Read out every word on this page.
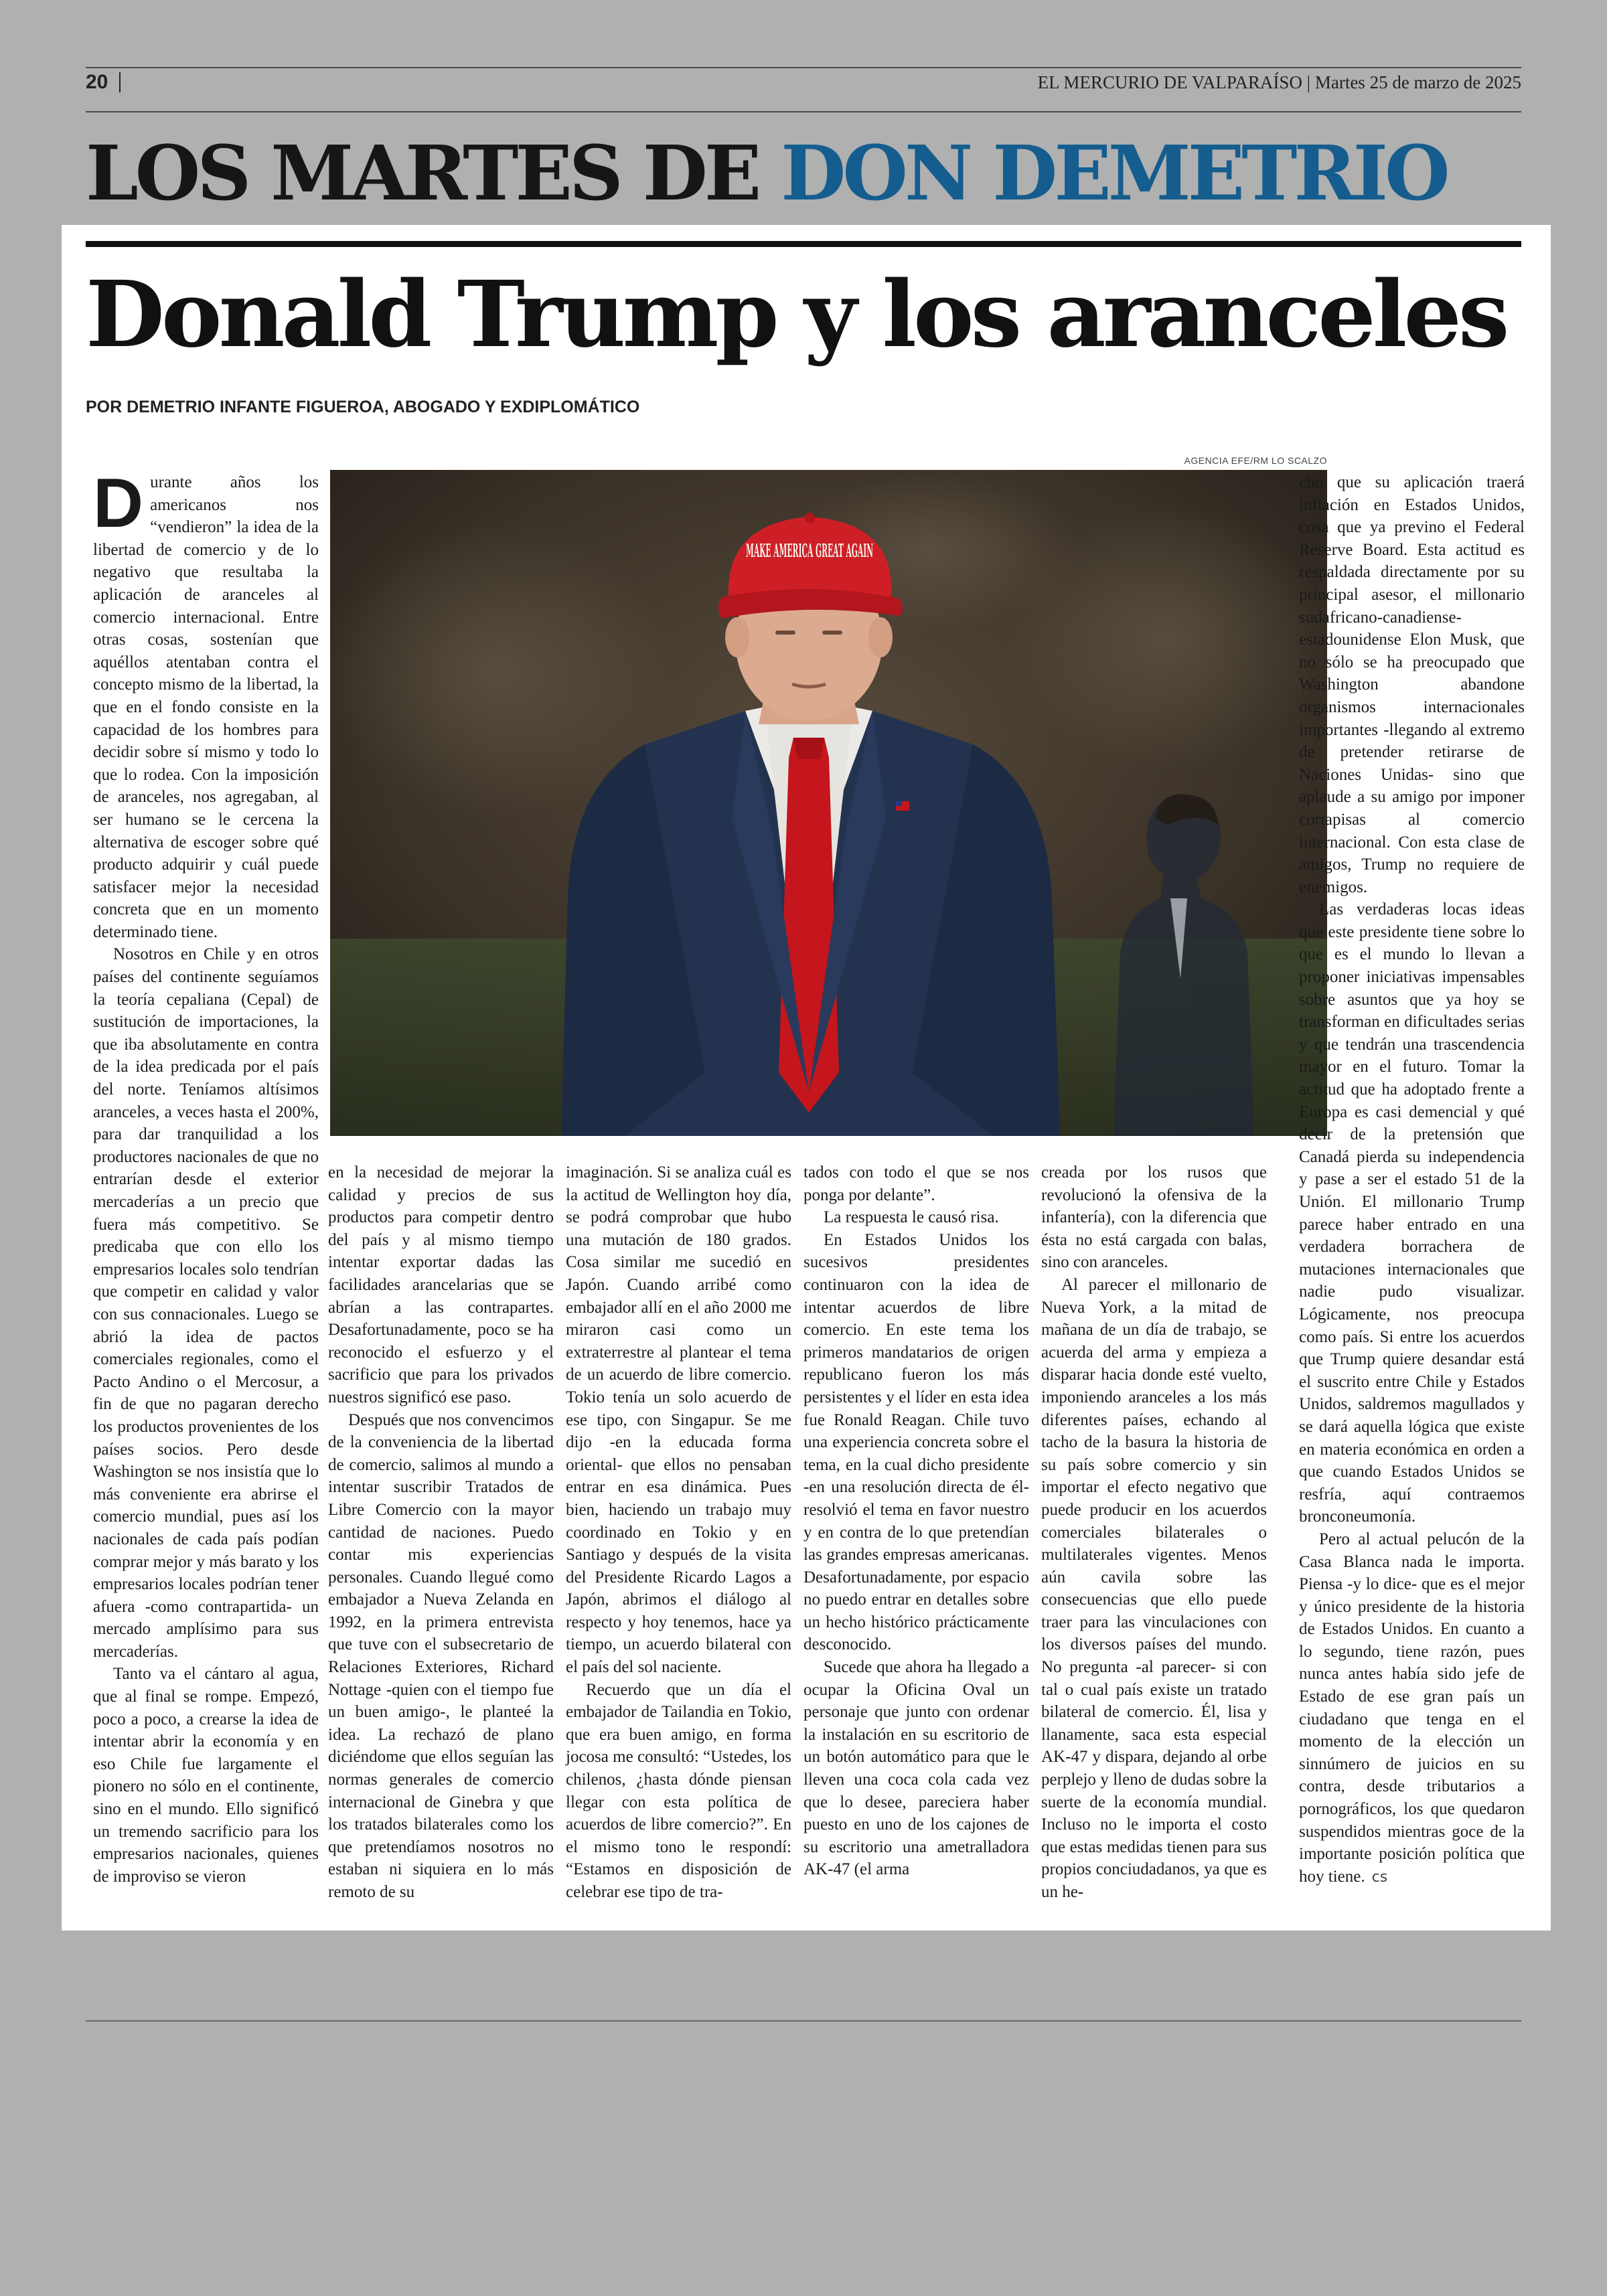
20	EL MERCURIO DE VALPARAÍSO | Martes 25 de marzo de 2025
LOS MARTES DE DON DEMETRIO
Donald Trump y los aranceles
POR DEMETRIO INFANTE FIGUEROA, ABOGADO Y EXDIPLOMÁTICO
AGENCIA EFE/RM LO SCALZO
MAKE AMERICA GREAT AGAIN

Durante años los americanos nos “vendieron” la idea de la libertad de comercio y de lo negativo que resultaba la aplicación de aranceles al comercio internacional. Entre otras cosas, sostenían que aquéllos atentaban contra el concepto mismo de la libertad, la que en el fondo consiste en la capacidad de los hombres para decidir sobre sí mismo y todo lo que lo rodea. Con la imposición de aranceles, nos agregaban, al ser humano se le cercena la alternativa de escoger sobre qué producto adquirir y cuál puede satisfacer mejor la necesidad concreta que en un momento determinado tiene.

Nosotros en Chile y en otros países del continente seguíamos la teoría cepaliana (Cepal) de sustitución de importaciones, la que iba absolutamente en contra de la idea predicada por el país del norte. Teníamos altísimos aranceles, a veces hasta el 200%, para dar tranquilidad a los productores nacionales de que no entrarían desde el exterior mercaderías a un precio que fuera más competitivo. Se predicaba que con ello los empresarios locales solo tendrían que competir en calidad y valor con sus connacionales. Luego se abrió la idea de pactos comerciales regionales, como el Pacto Andino o el Mercosur, a fin de que no pagaran derecho los productos provenientes de los países socios. Pero desde Washington se nos insistía que lo más conveniente era abrirse el comercio mundial, pues así los nacionales de cada país podían comprar mejor y más barato y los empresarios locales podrían tener afuera -como contrapartida- un mercado amplísimo para sus mercaderías.

Tanto va el cántaro al agua, que al final se rompe. Empezó, poco a poco, a crearse la idea de intentar abrir la economía y en eso Chile fue largamente el pionero no sólo en el continente, sino en el mundo. Ello significó un tremendo sacrificio para los empresarios nacionales, quienes de improviso se vieron

en la necesidad de mejorar la calidad y precios de sus productos para competir dentro del país y al mismo tiempo intentar exportar dadas las facilidades arancelarias que se abrían a las contrapartes. Desafortunadamente, poco se ha reconocido el esfuerzo y el sacrificio que para los privados nuestros significó ese paso.

Después que nos convencimos de la conveniencia de la libertad de comercio, salimos al mundo a intentar suscribir Tratados de Libre Comercio con la mayor cantidad de naciones. Puedo contar mis experiencias personales. Cuando llegué como embajador a Nueva Zelanda en 1992, en la primera entrevista que tuve con el subsecretario de Relaciones Exteriores, Richard Nottage -quien con el tiempo fue un buen amigo-, le planteé la idea. La rechazó de plano diciéndome que ellos seguían las normas generales de comercio internacional de Ginebra y que los tratados bilaterales como los que pretendíamos nosotros no estaban ni siquiera en lo más remoto de su

imaginación. Si se analiza cuál es la actitud de Wellington hoy día, se podrá comprobar que hubo una mutación de 180 grados. Cosa similar me sucedió en Japón. Cuando arribé como embajador allí en el año 2000 me miraron casi como un extraterrestre al plantear el tema de un acuerdo de libre comercio. Tokio tenía un solo acuerdo de ese tipo, con Singapur. Se me dijo -en la educada forma oriental- que ellos no pensaban entrar en esa dinámica. Pues bien, haciendo un trabajo muy coordinado en Tokio y en Santiago y después de la visita del Presidente Ricardo Lagos a Japón, abrimos el diálogo al respecto y hoy tenemos, hace ya tiempo, un acuerdo bilateral con el país del sol naciente.

Recuerdo que un día el embajador de Tailandia en Tokio, que era buen amigo, en forma jocosa me consultó: “Ustedes, los chilenos, ¿hasta dónde piensan llegar con esta política de acuerdos de libre comercio?”. En el mismo tono le respondí: “Estamos en disposición de celebrar ese tipo de tra-

tados con todo el que se nos ponga por delante”.

La respuesta le causó risa.

En Estados Unidos los sucesivos presidentes continuaron con la idea de intentar acuerdos de libre comercio. En este tema los primeros mandatarios de origen republicano fueron los más persistentes y el líder en esta idea fue Ronald Reagan. Chile tuvo una experiencia concreta sobre el tema, en la cual dicho presidente -en una resolución directa de él- resolvió el tema en favor nuestro y en contra de lo que pretendían las grandes empresas americanas. Desafortunadamente, por espacio no puedo entrar en detalles sobre un hecho histórico prácticamente desconocido.

Sucede que ahora ha llegado a ocupar la Oficina Oval un personaje que junto con ordenar la instalación en su escritorio de un botón automático para que le lleven una coca cola cada vez que lo desee, pareciera haber puesto en uno de los cajones de su escritorio una ametralladora AK-47 (el arma

creada por los rusos que revolucionó la ofensiva de la infantería), con la diferencia que ésta no está cargada con balas, sino con aranceles.

Al parecer el millonario de Nueva York, a la mitad de mañana de un día de trabajo, se acuerda del arma y empieza a disparar hacia donde esté vuelto, imponiendo aranceles a los más diferentes países, echando al tacho de la basura la historia de su país sobre comercio y sin importar el efecto negativo que puede producir en los acuerdos comerciales bilaterales o multilaterales vigentes. Menos aún cavila sobre las consecuencias que ello puede traer para las vinculaciones con los diversos países del mundo. No pregunta -al parecer- si con tal o cual país existe un tratado bilateral de comercio. Él, lisa y llanamente, saca esta especial AK-47 y dispara, dejando al orbe perplejo y lleno de dudas sobre la suerte de la economía mundial. Incluso no le importa el costo que estas medidas tienen para sus propios conciudadanos, ya que es un he-

cho que su aplicación traerá inflación en Estados Unidos, cosa que ya previno el Federal Reserve Board. Esta actitud es respaldada directamente por su principal asesor, el millonario sudafricano-canadiense-estadounidense Elon Musk, que no sólo se ha preocupado que Washington abandone organismos internacionales importantes -llegando al extremo de pretender retirarse de Naciones Unidas- sino que aplaude a su amigo por imponer cortapisas al comercio internacional. Con esta clase de amigos, Trump no requiere de enemigos.

Las verdaderas locas ideas que este presidente tiene sobre lo que es el mundo lo llevan a proponer iniciativas impensables sobre asuntos que ya hoy se transforman en dificultades serias y que tendrán una trascendencia mayor en el futuro. Tomar la actitud que ha adoptado frente a Europa es casi demencial y qué decir de la pretensión que Canadá pierda su independencia y pase a ser el estado 51 de la Unión. El millonario Trump parece haber entrado en una verdadera borrachera de mutaciones internacionales que nadie pudo visualizar. Lógicamente, nos preocupa como país. Si entre los acuerdos que Trump quiere desandar está el suscrito entre Chile y Estados Unidos, saldremos magullados y se dará aquella lógica que existe en materia económica en orden a que cuando Estados Unidos se resfría, aquí contraemos bronconeumonía.

Pero al actual pelucón de la Casa Blanca nada le importa. Piensa -y lo dice- que es el mejor y único presidente de la historia de Estados Unidos. En cuanto a lo segundo, tiene razón, pues nunca antes había sido jefe de Estado de ese gran país un ciudadano que tenga en el momento de la elección un sinnúmero de juicios en su contra, desde tributarios a pornográficos, los que quedaron suspendidos mientras goce de la importante posición política que hoy tiene. cs
